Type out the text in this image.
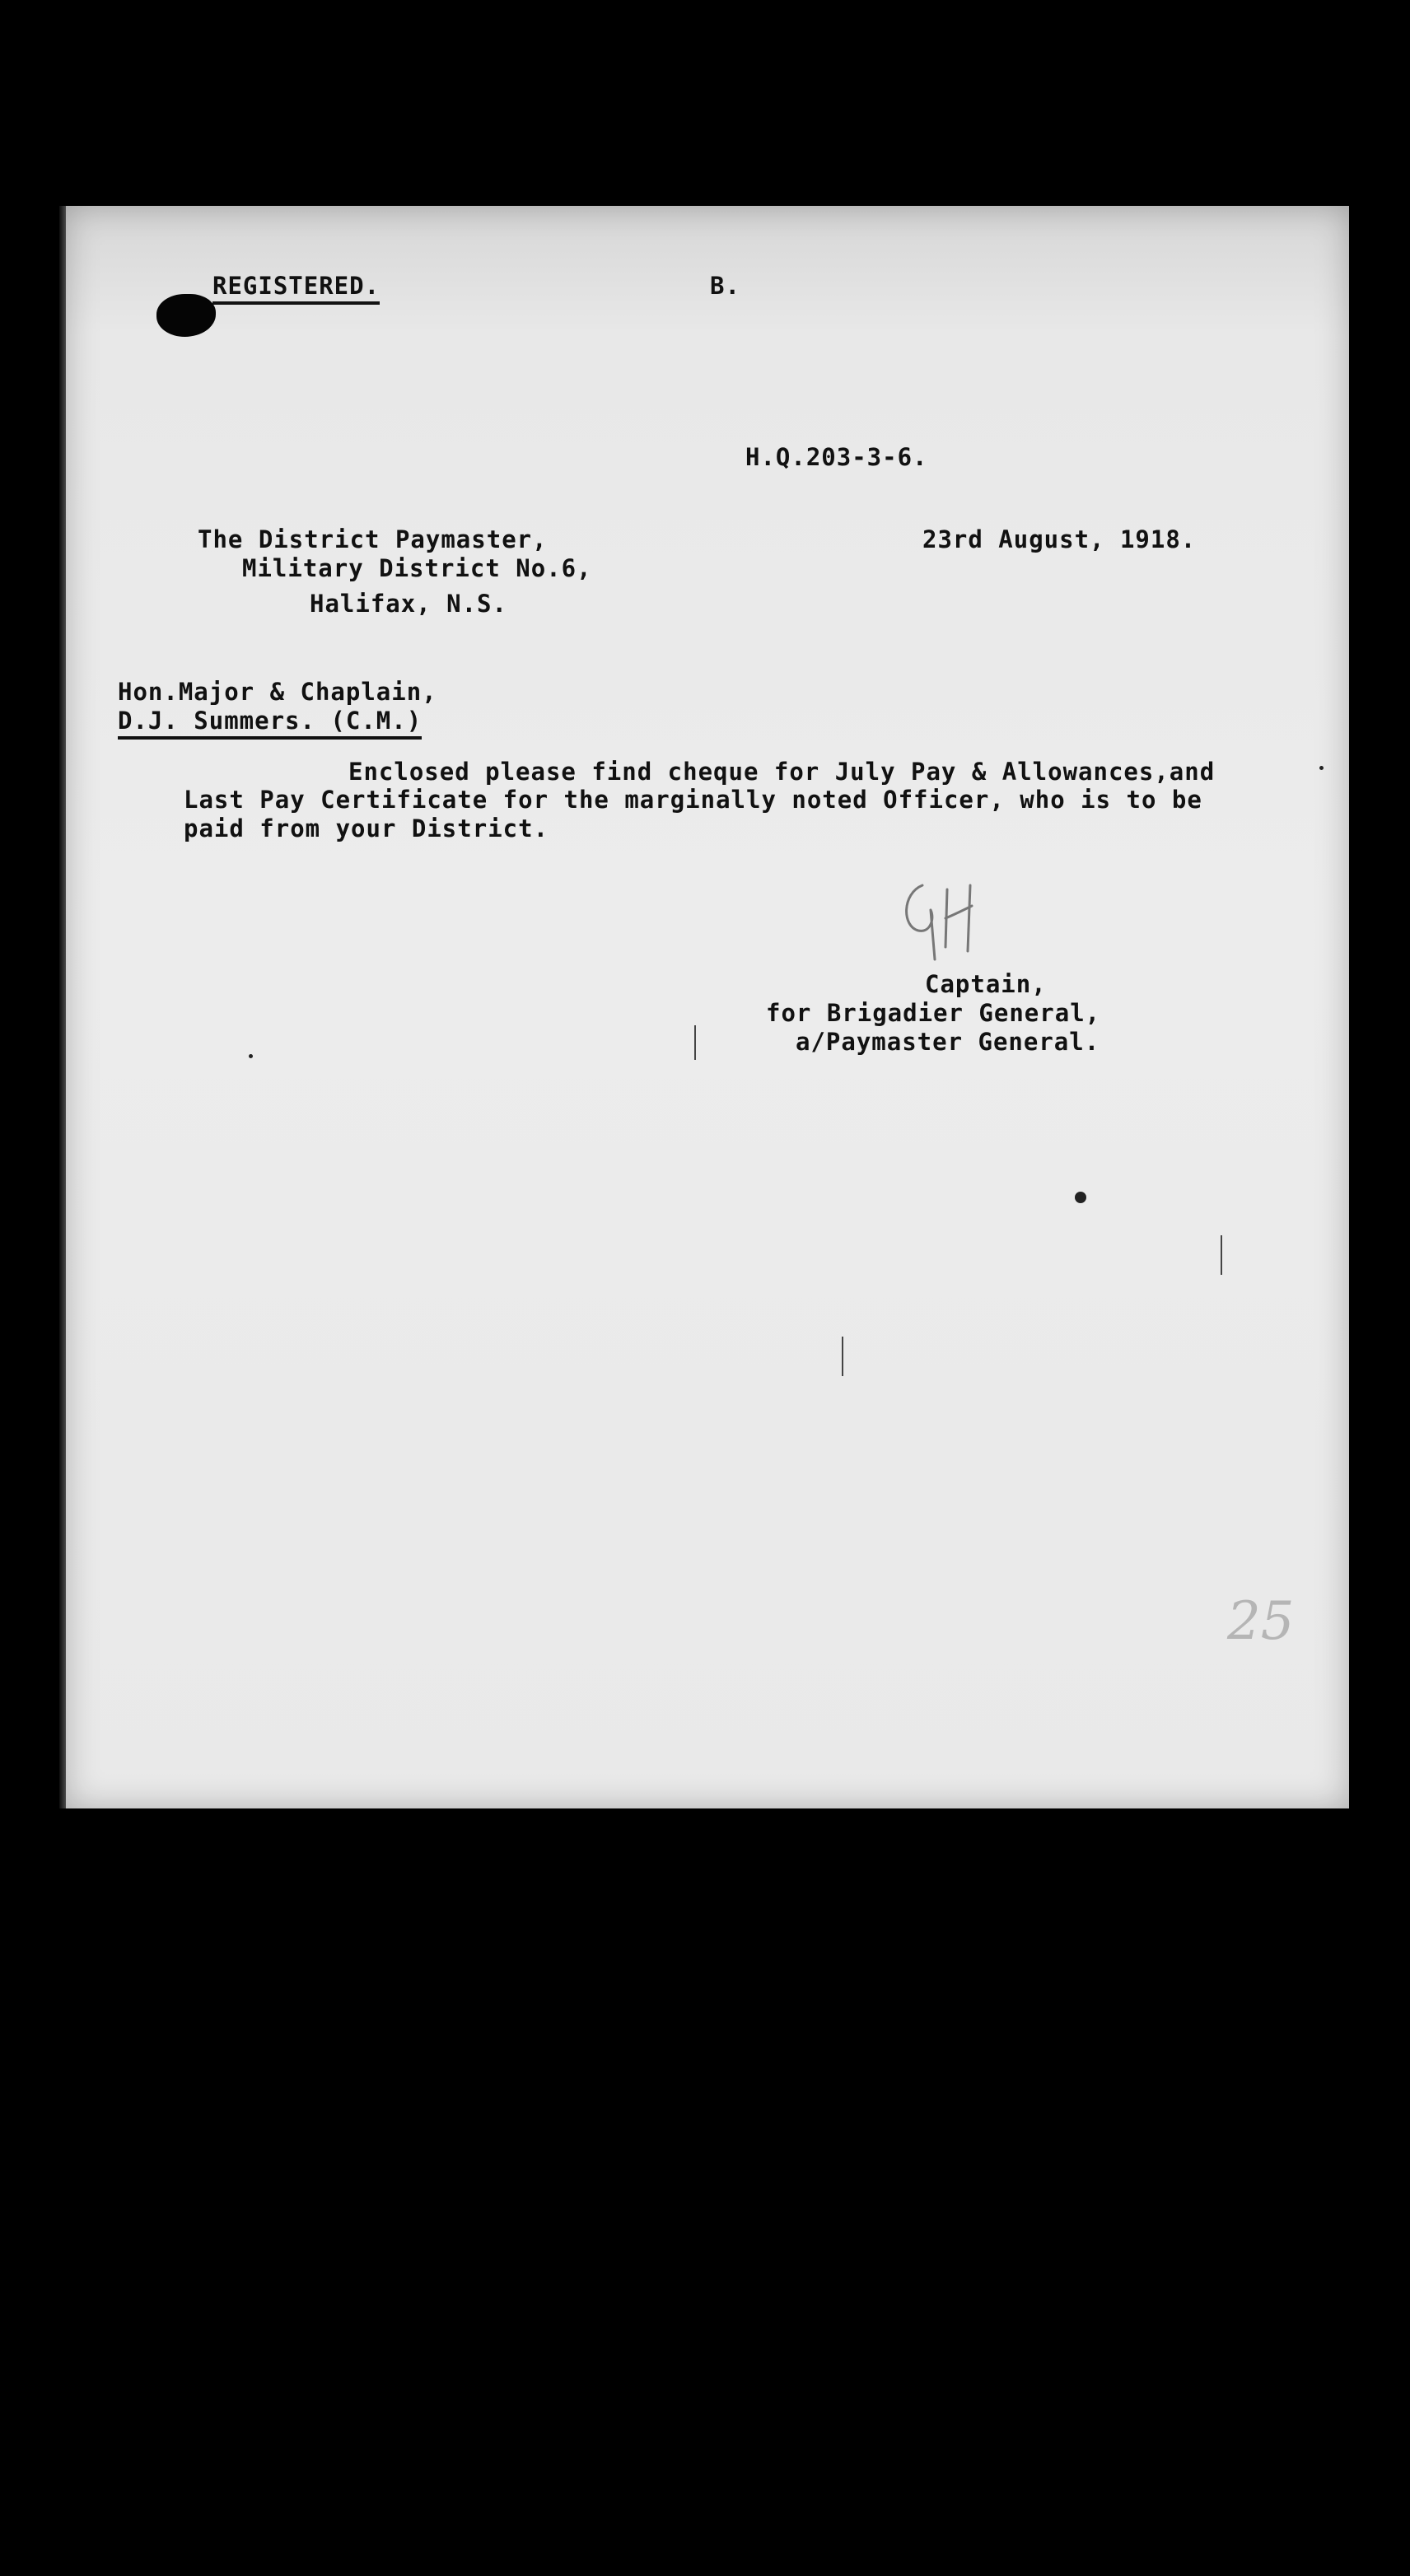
REGISTERED.	B.
H.Q.203-3-6.
23rd August, 1918.
The District Paymaster,
Military District No.6,
Halifax, N.S.
Hon.Major & Chaplain,
D.J. Summers. (C.M.)
Enclosed please find cheque for July Pay & Allowances,and
Last Pay Certificate for the marginally noted Officer, who is to be
paid from your District.
Captain,
for Brigadier General,
a/Paymaster General.
25
